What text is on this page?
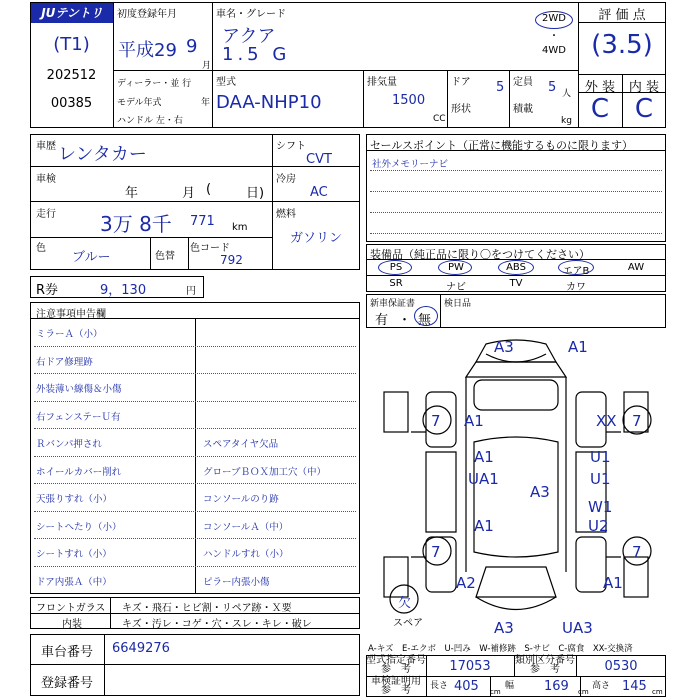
JUテントリ
(T1)
202512
00385
初度登録年月
平成29 9
月
ディーラー・並 行
モデル年式	年
ハンドル 左・右
車名・グレード
アクア
1.5 G
型式
DAA-NHP10
排気量
1500
CC
ドア 5
形状
定員 5 人
積載
kg
2WD
・
4WD
評 価 点
(3.5)
外 装	内 装
C C
車歴 レンタカー
車検
年	月 (	日)
走行 3万 8千 771 km
色
ブルー	色替
色コード
792
シフト
CVT
冷房
AC
燃料
ガソリン
R券	9，130	円
セールスポイント（正常に機能するものに限ります）
社外メモリーナビ
装備品（純正品に限り〇をつけてください）
PS	PW	ABS	エアB	AW
SR	ナビ	TV	カワ
新車保証書
有 ・ 無
検日品
注意事項申告欄
ミラーＡ（小）
右ドア修理跡
外装薄い線傷＆小傷
右フェンステーＵ有
Ｒバンパ押され	スペアタイヤ欠品
ホイールカバー削れ	グローブＢＯＸ加工穴（中）
天張りすれ（小）	コンソールのり跡
シートへたり（小）	コンソールＡ（中）
シートすれ（小）	ハンドルすれ（小）
ドア内張Ａ（中）	ピラー内張小傷
フロントガラス
内装
キズ・飛石・ヒビ割・リペア跡・Ｘ要
キズ・汚レ・コゲ・穴・スレ・キレ・破レ
車台番号	6649276
登録番号
A3	A1
7 A1	XX 7
A1	U1
UA1	U1
A3
W1
A1	U2
7	7
A2	A1
A3	UA3
スペア
欠
A-キズ　E-エクボ　U-凹み　W-補修跡　S-サビ　C-腐食　XX-交換済
型式指定番号
参　考	17053	類別区分番号
参　考	0530
車検証明用
参　考	長さ 405 cm
幅 169 cm
高さ 145 cm
